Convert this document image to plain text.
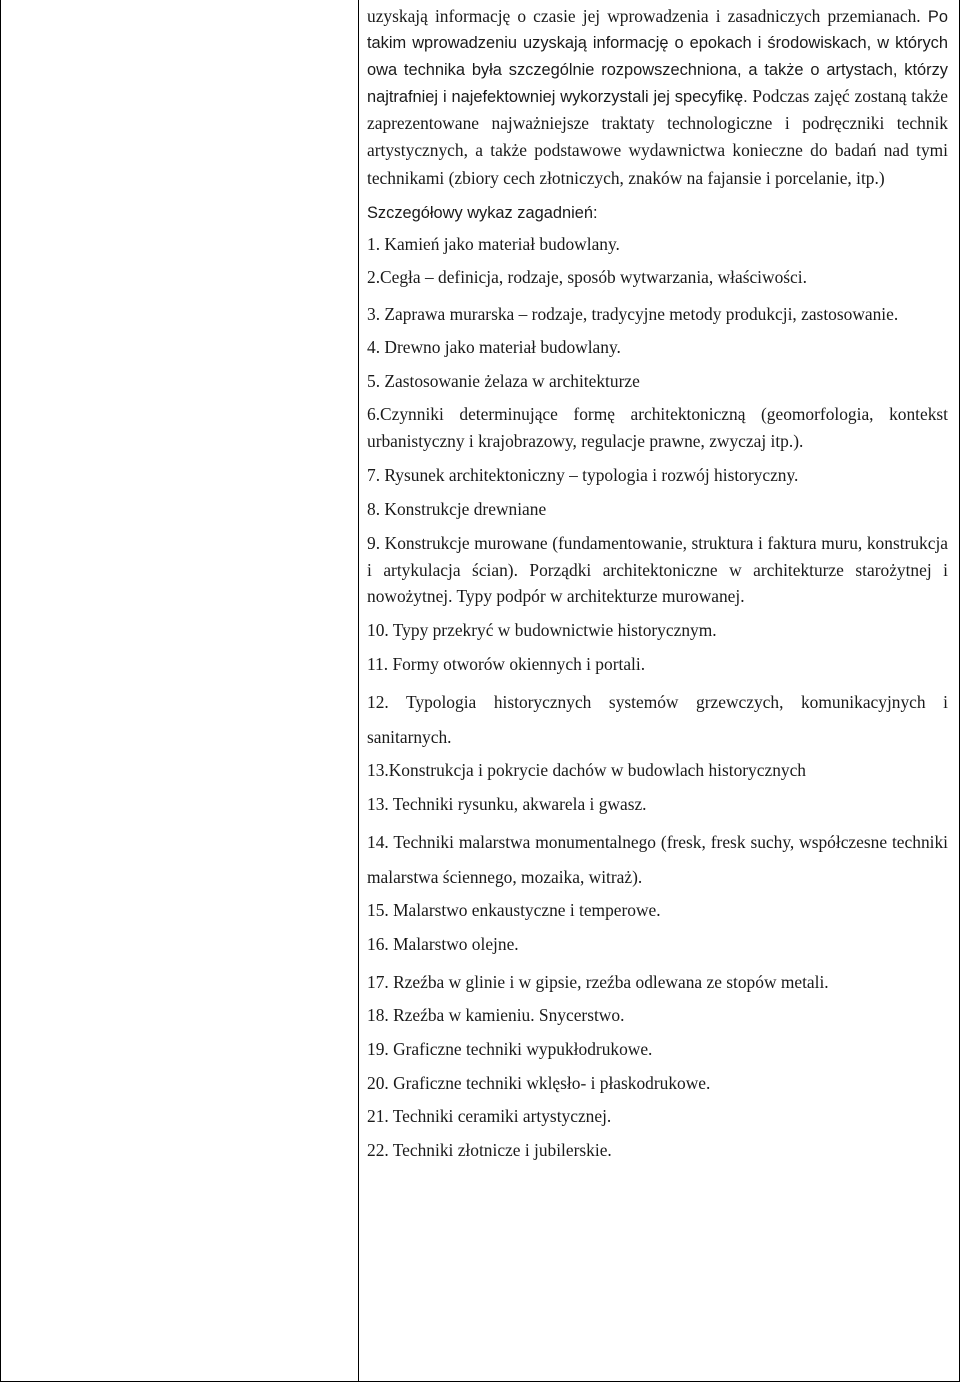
uzyskają informację o czasie jej wprowadzenia i zasadniczych przemianach. Po takim wprowadzeniu uzyskają informację o epokach i środowiskach, w których owa technika była szczególnie rozpowszechniona, a także o artystach, którzy najtrafniej i najefektowniej wykorzystali jej specyfikę. Podczas zajęć zostaną także zaprezentowane najważniejsze traktaty technologiczne i podręczniki technik artystycznych, a także podstawowe wydawnictwa konieczne do badań nad tymi technikami (zbiory cech złotniczych, znaków na fajansie i porcelanie, itp.)

Szczegółowy wykaz zagadnień:

1. Kamień jako materiał budowlany.
2.Cegła – definicja, rodzaje, sposób wytwarzania, właściwości.
3. Zaprawa murarska – rodzaje, tradycyjne metody produkcji, zastosowanie.
4. Drewno jako materiał budowlany.
5. Zastosowanie żelaza w architekturze
6.Czynniki determinujące formę architektoniczną (geomorfologia, kontekst urbanistyczny i krajobrazowy, regulacje prawne, zwyczaj itp.).
7. Rysunek architektoniczny – typologia i rozwój historyczny.
8. Konstrukcje drewniane
9. Konstrukcje murowane (fundamentowanie, struktura i faktura muru, konstrukcja i artykulacja ścian). Porządki architektoniczne w architekturze starożytnej i nowożytnej. Typy podpór w architekturze murowanej.
10. Typy przekryć w budownictwie historycznym.
11. Formy otworów okiennych i portali.
12. Typologia historycznych systemów grzewczych, komunikacyjnych i sanitarnych.
13.Konstrukcja i pokrycie dachów w budowlach historycznych
13. Techniki rysunku, akwarela i gwasz.
14. Techniki malarstwa monumentalnego (fresk, fresk suchy, współczesne techniki malarstwa ściennego, mozaika, witraż).
15. Malarstwo enkaustyczne i temperowe.
16. Malarstwo olejne.
17. Rzeźba w glinie i w gipsie, rzeźba odlewana ze stopów metali.
18. Rzeźba w kamieniu. Snycerstwo.
19. Graficzne techniki wypukłodrukowe.
20. Graficzne techniki wklęsło- i płaskodrukowe.
21. Techniki ceramiki artystycznej.
22. Techniki złotnicze i jubilerskie.
